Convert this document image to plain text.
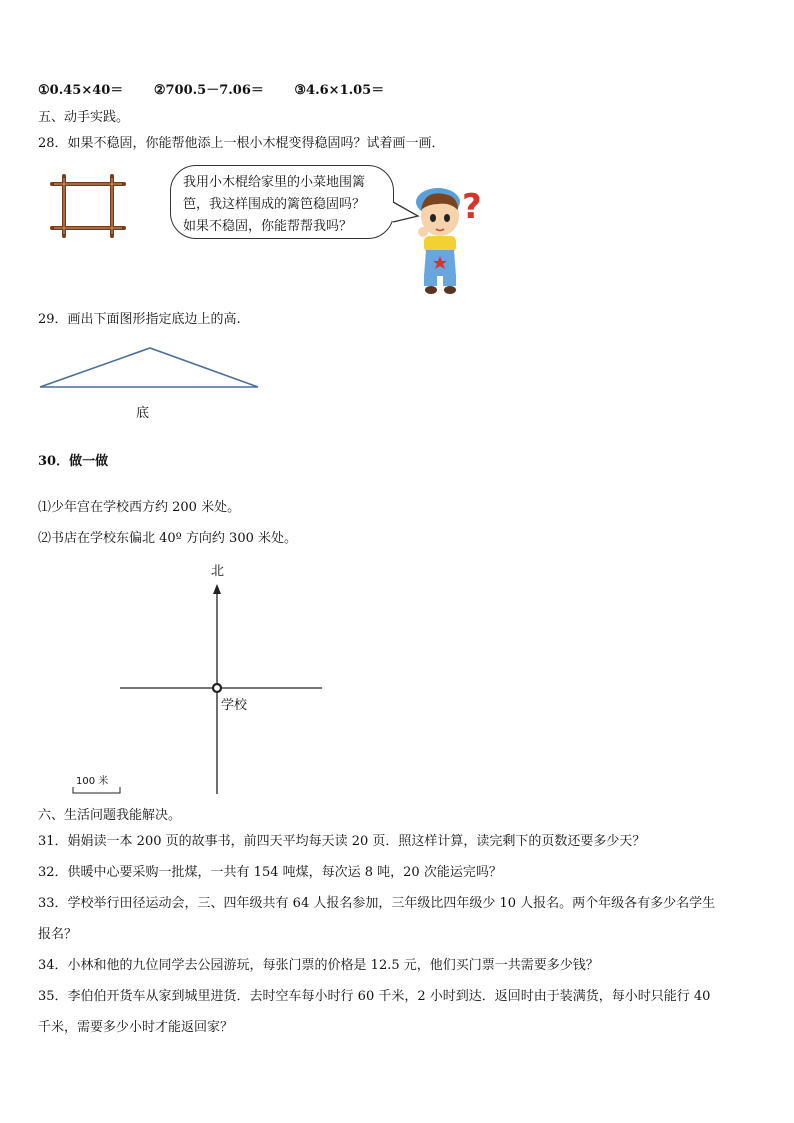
①0.45×40＝ ②700.5－7.06＝ ③4.6×1.05＝
五、动手实践。
28．如果不稳固，你能帮他添上一根小木棍变得稳固吗？试着画一画．
我用小木棍给家里的小菜地围篱
笆，我这样围成的篱笆稳固吗？
如果不稳固，你能帮帮我吗？	?
29．画出下面图形指定底边上的高.
底
30．做一做
⑴少年宫在学校西方约 200 米处。
⑵书店在学校东偏北 40º 方向约 300 米处。
北
学校
100 米
六、生活问题我能解决。
31．娟娟读一本 200 页的故事书，前四天平均每天读 20 页．照这样计算，读完剩下的页数还要多少天？
32．供暖中心要采购一批煤，一共有 154 吨煤，每次运 8 吨，20 次能运完吗？
33．学校举行田径运动会，三、四年级共有 64 人报名参加，三年级比四年级少 10 人报名。两个年级各有多少名学生
报名？
34．小林和他的九位同学去公园游玩，每张门票的价格是 12.5 元，他们买门票一共需要多少钱？
35．李伯伯开货车从家到城里进货．去时空车每小时行 60 千米，2 小时到达．返回时由于装满货，每小时只能行 40
千米，需要多少小时才能返回家？
